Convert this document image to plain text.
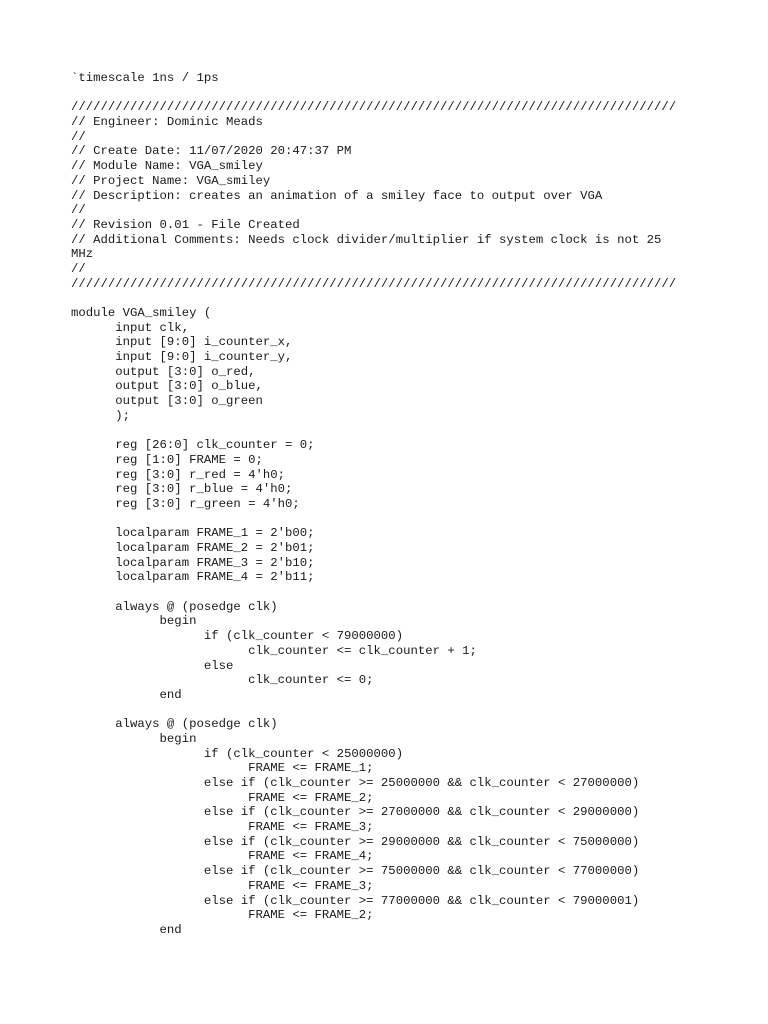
`timescale 1ns / 1ps
//////////////////////////////////////////////////////////////////////////////////
// Engineer: Dominic Meads
//
// Create Date: 11/07/2020 20:47:37 PM
// Module Name: VGA_smiley
// Project Name: VGA_smiley
// Description: creates an animation of a smiley face to output over VGA
//
// Revision 0.01 - File Created
// Additional Comments: Needs clock divider/multiplier if system clock is not 25
MHz
//
//////////////////////////////////////////////////////////////////////////////////
module VGA_smiley (
input clk,
input [9:0] i_counter_x,
input [9:0] i_counter_y,
output [3:0] o_red,
output [3:0] o_blue,
output [3:0] o_green
);
reg [26:0] clk_counter = 0;
reg [1:0] FRAME = 0;
reg [3:0] r_red = 4'h0;
reg [3:0] r_blue = 4'h0;
reg [3:0] r_green = 4'h0;
localparam FRAME_1 = 2'b00;
localparam FRAME_2 = 2'b01;
localparam FRAME_3 = 2'b10;
localparam FRAME_4 = 2'b11;
always @ (posedge clk)
begin
if (clk_counter < 79000000)
clk_counter <= clk_counter + 1;
else
clk_counter <= 0;
end
always @ (posedge clk)
begin
if (clk_counter < 25000000)
FRAME <= FRAME_1;
else if (clk_counter >= 25000000 && clk_counter < 27000000)
FRAME <= FRAME_2;
else if (clk_counter >= 27000000 && clk_counter < 29000000)
FRAME <= FRAME_3;
else if (clk_counter >= 29000000 && clk_counter < 75000000)
FRAME <= FRAME_4;
else if (clk_counter >= 75000000 && clk_counter < 77000000)
FRAME <= FRAME_3;
else if (clk_counter >= 77000000 && clk_counter < 79000001)
FRAME <= FRAME_2;
end
